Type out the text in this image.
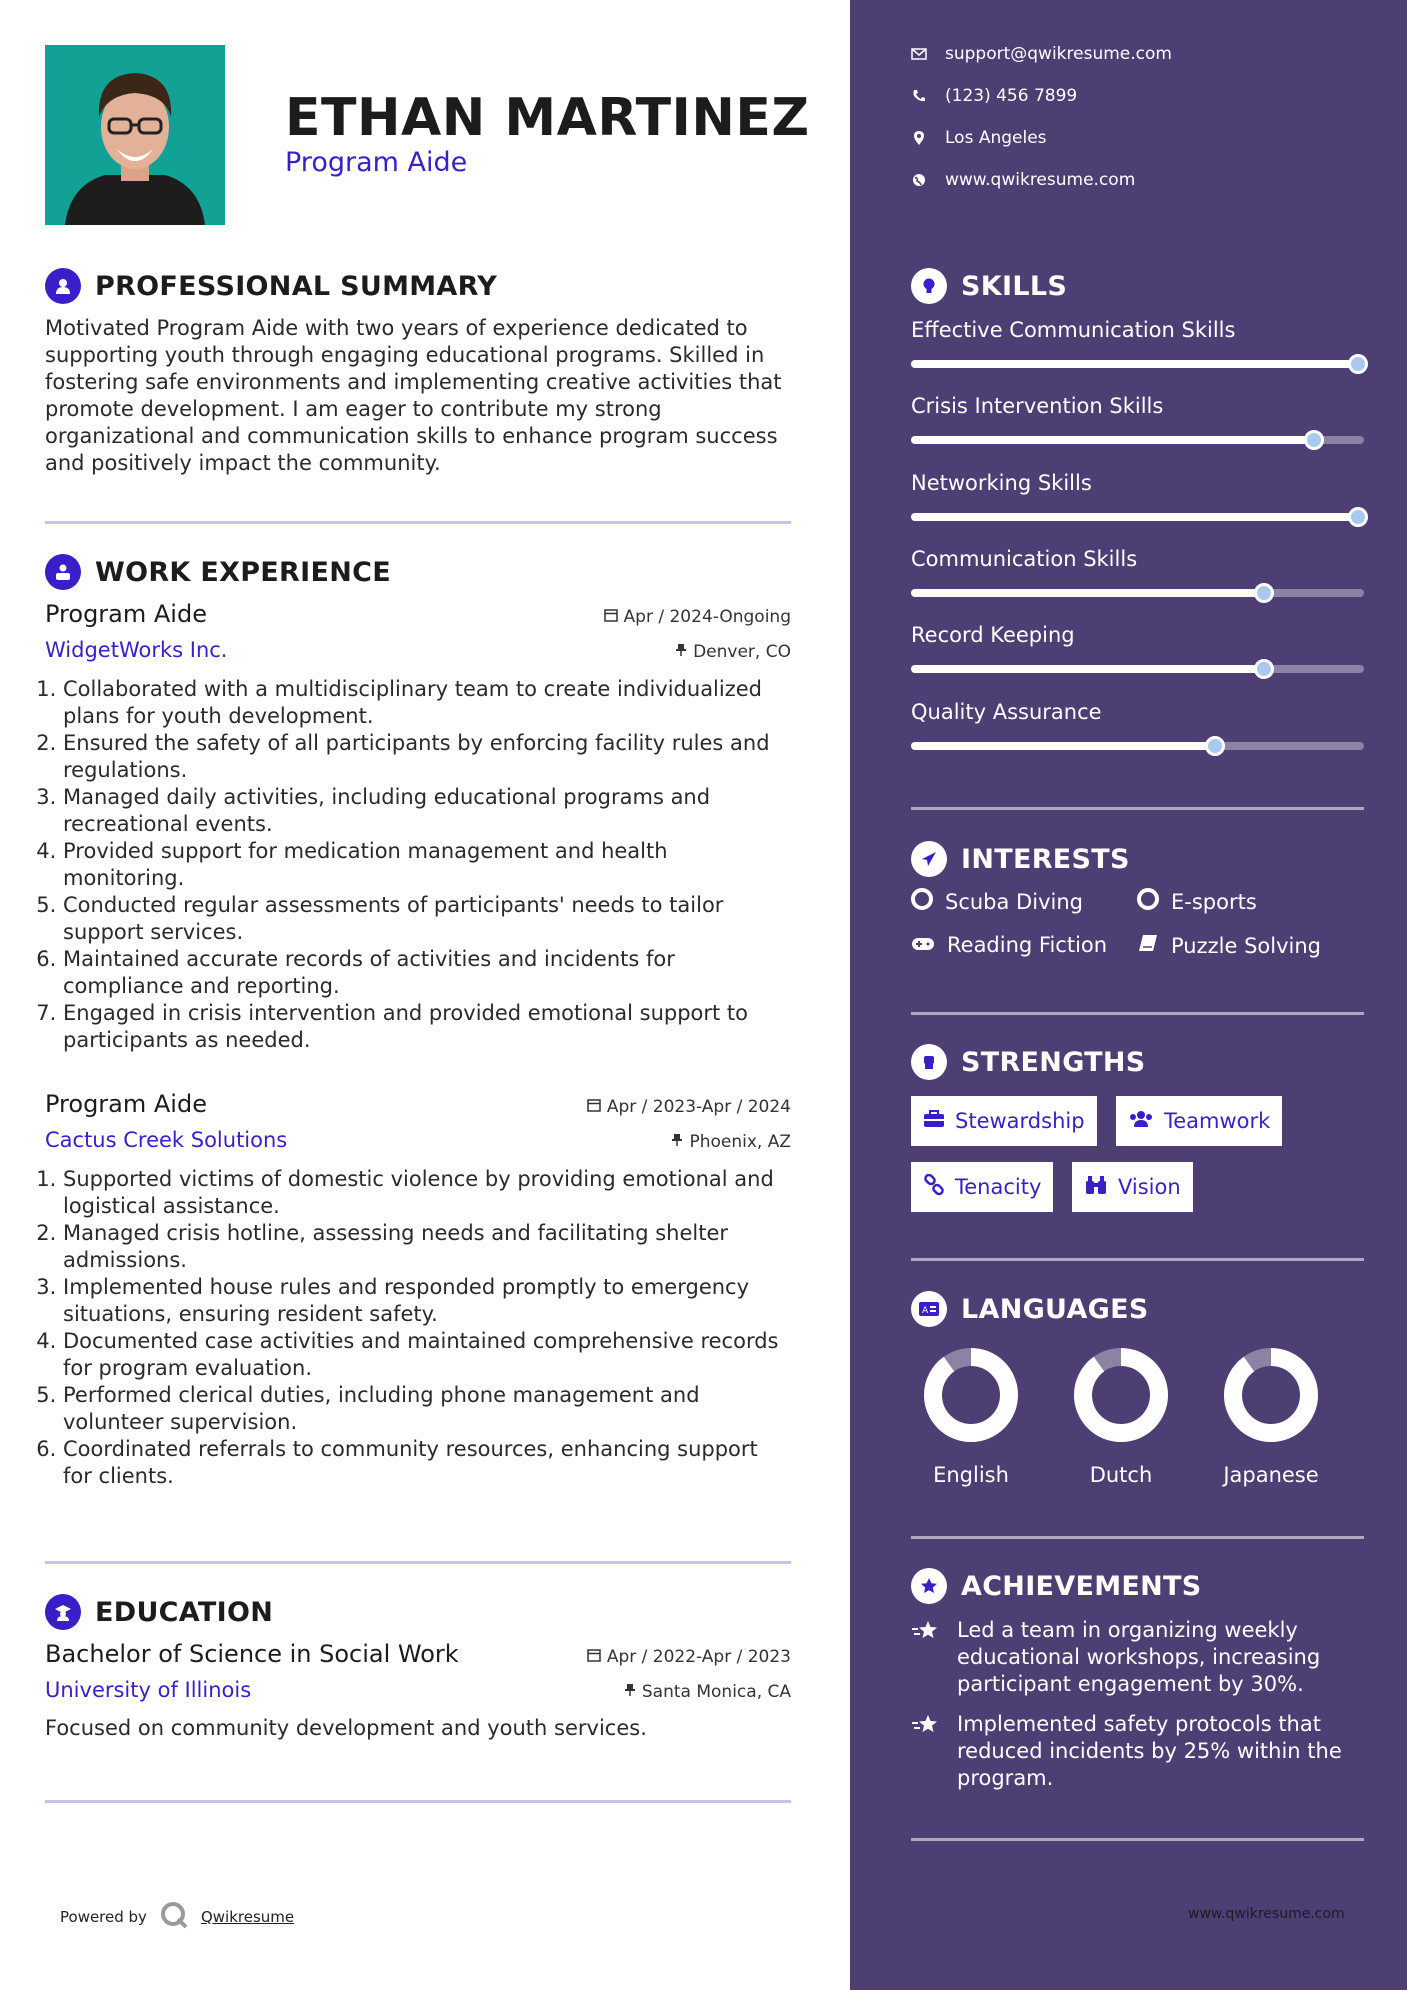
ETHAN MARTINEZ
Program Aide
PROFESSIONAL SUMMARY
Motivated Program Aide with two years of experience dedicated to supporting youth through engaging educational programs. Skilled in fostering safe environments and implementing creative activities that promote development. I am eager to contribute my strong organizational and communication skills to enhance program success and positively impact the community.
WORK EXPERIENCE
Program Aide	Apr / 2024-Ongoing
WidgetWorks Inc.	Denver, CO
1. Collaborated with a multidisciplinary team to create individualized plans for youth development.
2. Ensured the safety of all participants by enforcing facility rules and regulations.
3. Managed daily activities, including educational programs and recreational events.
4. Provided support for medication management and health monitoring.
5. Conducted regular assessments of participants' needs to tailor support services.
6. Maintained accurate records of activities and incidents for compliance and reporting.
7. Engaged in crisis intervention and provided emotional support to participants as needed.
Program Aide	Apr / 2023-Apr / 2024
Cactus Creek Solutions	Phoenix, AZ
1. Supported victims of domestic violence by providing emotional and logistical assistance.
2. Managed crisis hotline, assessing needs and facilitating shelter admissions.
3. Implemented house rules and responded promptly to emergency situations, ensuring resident safety.
4. Documented case activities and maintained comprehensive records for program evaluation.
5. Performed clerical duties, including phone management and volunteer supervision.
6. Coordinated referrals to community resources, enhancing support for clients.
EDUCATION
Bachelor of Science in Social Work	Apr / 2022-Apr / 2023
University of Illinois	Santa Monica, CA
Focused on community development and youth services.
Powered by	Qwikresume	www.qwikresume.com
support@qwikresume.com
(123) 456 7899
Los Angeles
www.qwikresume.com
SKILLS
Effective Communication Skills
Crisis Intervention Skills
Networking Skills
Communication Skills
Record Keeping
Quality Assurance
INTERESTS
Scuba Diving	E-sports
Reading Fiction	Puzzle Solving
STRENGTHS
Stewardship	Teamwork
Tenacity	Vision
A LANGUAGES
English	Dutch	Japanese
ACHIEVEMENTS
Led a team in organizing weekly educational workshops, increasing participant engagement by 30%.
Implemented safety protocols that reduced incidents by 25% within the program.
